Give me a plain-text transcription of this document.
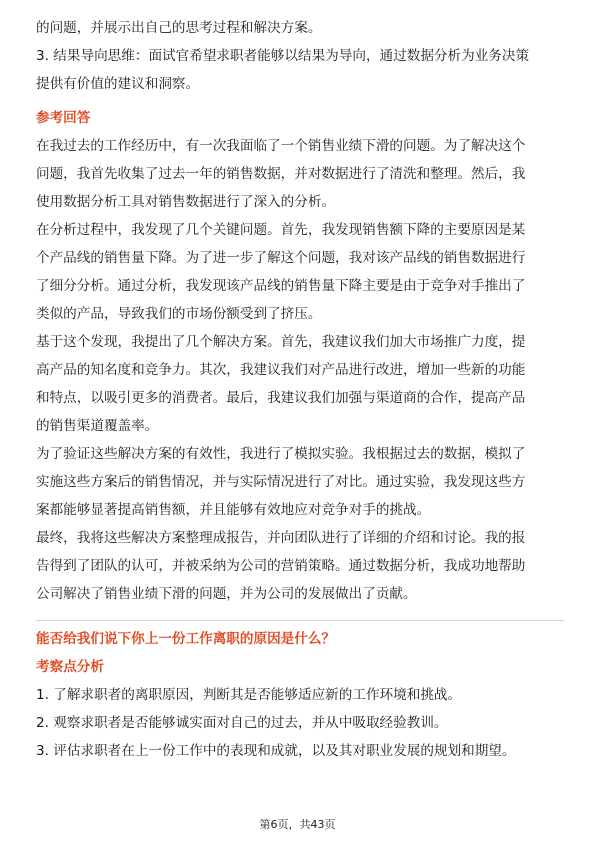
的问题，并展示出自己的思考过程和解决方案。

3. 结果导向思维：面试官希望求职者能够以结果为导向，通过数据分析为业务决策

提供有价值的建议和洞察。

参考回答

在我过去的工作经历中，有一次我面临了一个销售业绩下滑的问题。为了解决这个

问题，我首先收集了过去一年的销售数据，并对数据进行了清洗和整理。然后，我

使用数据分析工具对销售数据进行了深入的分析。

在分析过程中，我发现了几个关键问题。首先，我发现销售额下降的主要原因是某

个产品线的销售量下降。为了进一步了解这个问题，我对该产品线的销售数据进行

了细分分析。通过分析，我发现该产品线的销售量下降主要是由于竞争对手推出了

类似的产品，导致我们的市场份额受到了挤压。

基于这个发现，我提出了几个解决方案。首先，我建议我们加大市场推广力度，提

高产品的知名度和竞争力。其次，我建议我们对产品进行改进，增加一些新的功能

和特点，以吸引更多的消费者。最后，我建议我们加强与渠道商的合作，提高产品

的销售渠道覆盖率。

为了验证这些解决方案的有效性，我进行了模拟实验。我根据过去的数据，模拟了

实施这些方案后的销售情况，并与实际情况进行了对比。通过实验，我发现这些方

案都能够显著提高销售额，并且能够有效地应对竞争对手的挑战。

最终，我将这些解决方案整理成报告，并向团队进行了详细的介绍和讨论。我的报

告得到了团队的认可，并被采纳为公司的营销策略。通过数据分析，我成功地帮助

公司解决了销售业绩下滑的问题，并为公司的发展做出了贡献。

能否给我们说下你上一份工作离职的原因是什么？

考察点分析

1. 了解求职者的离职原因，判断其是否能够适应新的工作环境和挑战。

2. 观察求职者是否能够诚实面对自己的过去，并从中吸取经验教训。

3. 评估求职者在上一份工作中的表现和成就，以及其对职业发展的规划和期望。

第6页，共43页
